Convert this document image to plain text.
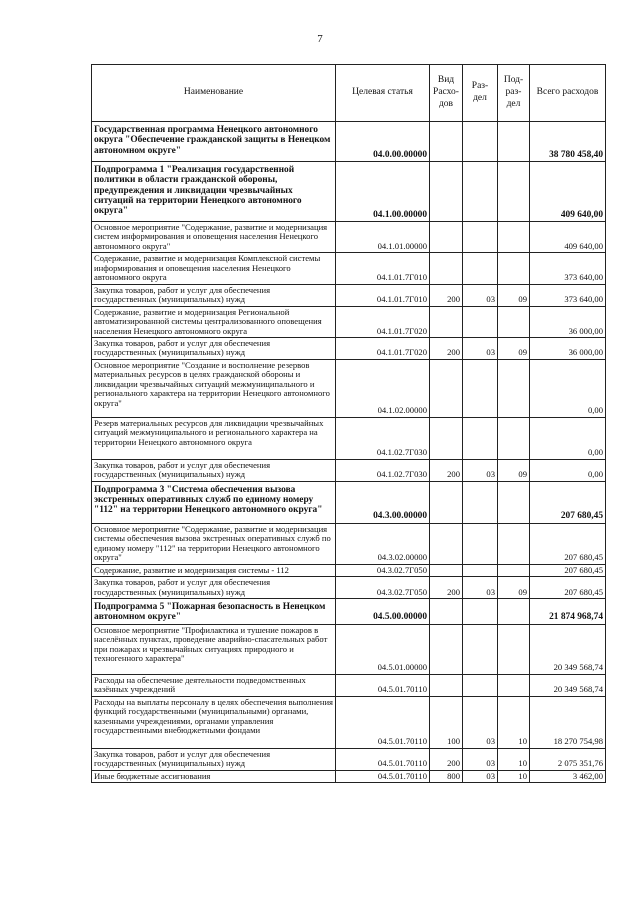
7
Наименование	Целевая статья	Вид Расхо-дов	Раз-дел	Под-раз-дел	Всего расходов
Государственная программа Ненецкого автономного округа "Обеспечение гражданской защиты в Ненецком автономном округе"	04.0.00.00000				38 780 458,40
Подпрограмма 1 "Реализация государственной политики в области гражданской обороны, предупреждения и ликвидации чрезвычайных ситуаций на территории Ненецкого автономного округа"	04.1.00.00000				409 640,00
Основное мероприятие "Содержание, развитие и модернизация систем информирования и оповещения населения Ненецкого автономного округа"	04.1.01.00000				409 640,00
Содержание, развитие и модернизация Комплексной системы информирования и оповещения населения Ненецкого автономного округа	04.1.01.7Г010				373 640,00
Закупка товаров, работ и услуг для обеспечения государственных (муниципальных) нужд	04.1.01.7Г010	200	03	09	373 640,00
Содержание, развитие и модернизация Региональной автоматизированной системы централизованного оповещения населения Ненецкого автономного округа	04.1.01.7Г020				36 000,00
Закупка товаров, работ и услуг для обеспечения государственных (муниципальных) нужд	04.1.01.7Г020	200	03	09	36 000,00
Основное мероприятие "Создание и восполнение резервов материальных ресурсов в целях гражданской обороны и ликвидации чрезвычайных ситуаций межмуниципального и регионального характера на территории Ненецкого автономного округа"	04.1.02.00000				0,00
Резерв материальных ресурсов для ликвидации чрезвычайных ситуаций межмуниципального и регионального характера на территории Ненецкого автономного округа	04.1.02.7Г030				0,00
Закупка товаров, работ и услуг для обеспечения государственных (муниципальных) нужд	04.1.02.7Г030	200	03	09	0,00
Подпрограмма 3 "Система обеспечения вызова экстренных оперативных служб по единому номеру "112" на территории Ненецкого автономного округа"	04.3.00.00000				207 680,45
Основное мероприятие "Содержание, развитие и модернизация системы обеспечения вызова экстренных оперативных служб по единому номеру "112" на территории Ненецкого автономного округа"	04.3.02.00000				207 680,45
Содержание, развитие и модернизация системы - 112	04.3.02.7Г050				207 680,45
Закупка товаров, работ и услуг для обеспечения государственных (муниципальных) нужд	04.3.02.7Г050	200	03	09	207 680,45
Подпрограмма 5 "Пожарная безопасность в Ненецком автономном округе"	04.5.00.00000				21 874 968,74
Основное мероприятие "Профилактика и тушение пожаров в населённых пунктах, проведение аварийно-спасательных работ при пожарах и чрезвычайных ситуациях природного и техногенного характера"	04.5.01.00000				20 349 568,74
Расходы на обеспечение деятельности подведомственных казённых учреждений	04.5.01.70110				20 349 568,74
Расходы на выплаты персоналу в целях обеспечения выполнения функций государственными (муниципальными) органами, казенными учреждениями, органами управления государственными внебюджетными фондами	04.5.01.70110	100	03	10	18 270 754,98
Закупка товаров, работ и услуг для обеспечения государственных (муниципальных) нужд	04.5.01.70110	200	03	10	2 075 351,76
Иные бюджетные ассигнования	04.5.01.70110	800	03	10	3 462,00
